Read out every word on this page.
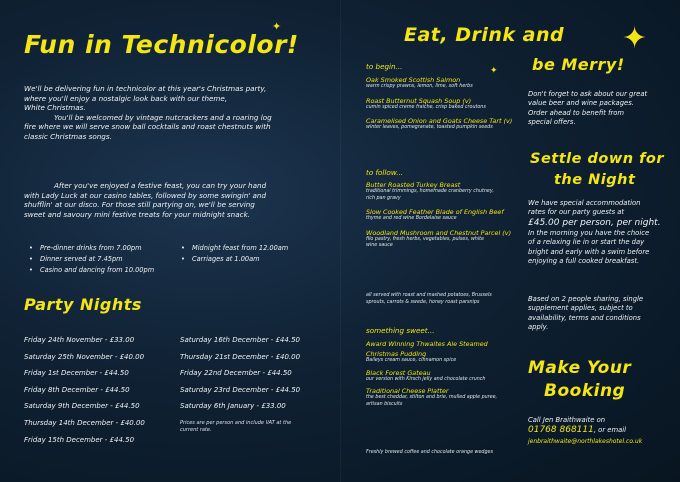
Fun in Technicolor!
✦
We'll be delivering fun in technicolor at this year's Christmas party,
where you'll enjoy a nostalgic look back with our theme,
White Christmas.
You'll be welcomed by vintage nutcrackers and a roaring log
fire where we will serve snow ball cocktails and roast chestnuts with
classic Christmas songs.
After you've enjoyed a festive feast, you can try your hand
with Lady Luck at our casino tables, followed by some swingin' and
shufflin' at our disco. For those still partying on, we'll be serving
sweet and savoury mini festive treats for your midnight snack.
• Pre-dinner drinks from 7.00pm
• Dinner served at 7.45pm
• Casino and dancing from 10.00pm
• Midnight feast from 12.00am
• Carriages at 1.00am
Party Nights
Friday 24th November - £33.00
Saturday 25th November - £40.00
Friday 1st December - £44.50
Friday 8th December - £44.50
Saturday 9th December - £44.50
Thursday 14th December - £40.00
Friday 15th December - £44.50
Saturday 16th December - £44.50
Thursday 21st December - £40.00
Friday 22nd December - £44.50
Saturday 23rd December - £44.50
Saturday 6th January - £33.00
Prices are per person and include VAT at the
current rate.
Eat, Drink and
be Merry!
✦
✦
to begin...
Oak Smoked Scottish Salmon
warm crispy prawns, lemon, lime, soft herbs
Roast Butternut Squash Soup (v)
cumin spiced creme fraiche, crisp baked croutons
Caramelised Onion and Goats Cheese Tart (v)
winter leaves, pomegranate, toasted pumpkin seeds
to follow...
Butter Roasted Turkey Breast
traditional trimmings, homemade cranberry chutney,
rich pan gravy
Slow Cooked Feather Blade of English Beef
thyme and red wine Bordelaise sauce
Woodland Mushroom and Chestnut Parcel (v)
filo pastry, fresh herbs, vegetables, pulses, white
wine sauce
all served with roast and mashed potatoes, Brussels
sprouts, carrots & swede, honey roast parsnips
something sweet...
Award Winning Thwaites Ale Steamed
Christmas Pudding
Baileys cream sauce, cinnamon spice
Black Forest Gateau
our version with Kirsch jelly and chocolate crunch
Traditional Cheese Platter
the best cheddar, stilton and brie, mulled apple puree,
artisan biscuits
Freshly brewed coffee and chocolate orange wedges
Don't forget to ask about our great
value beer and wine packages.
Order ahead to benefit from
special offers.
Settle down for
the Night
We have special accommodation
rates for our party guests at
£45.00 per person, per night.
In the morning you have the choice
of a relaxing lie in or start the day
bright and early with a swim before
enjoying a full cooked breakfast.
Based on 2 people sharing, single
supplement applies, subject to
availability, terms and conditions
apply.
Make Your
Booking
Call Jen Braithwaite on
01768 868111, or email
jenbraithwaite@northlakeshotel.co.uk
